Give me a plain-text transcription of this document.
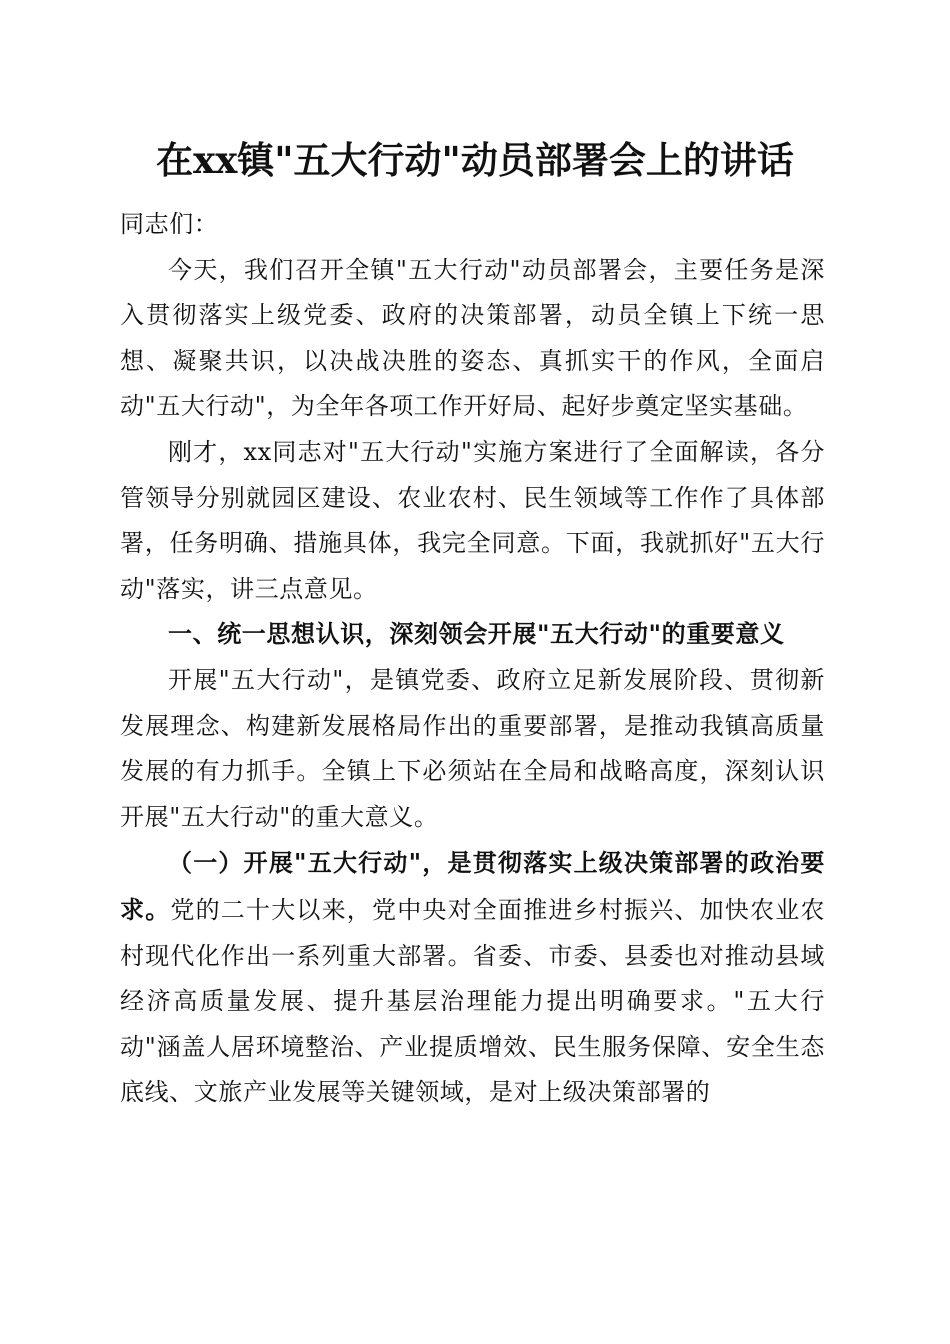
在xx镇"五大行动"动员部署会上的讲话

同志们：

今天，我们召开全镇"五大行动"动员部署会，主要任务是深入贯彻落实上级党委、政府的决策部署，动员全镇上下统一思想、凝聚共识，以决战决胜的姿态、真抓实干的作风，全面启动"五大行动"，为全年各项工作开好局、起好步奠定坚实基础。

刚才，xx同志对"五大行动"实施方案进行了全面解读，各分管领导分别就园区建设、农业农村、民生领域等工作作了具体部署，任务明确、措施具体，我完全同意。下面，我就抓好"五大行动"落实，讲三点意见。

一、统一思想认识，深刻领会开展"五大行动"的重要意义

开展"五大行动"，是镇党委、政府立足新发展阶段、贯彻新发展理念、构建新发展格局作出的重要部署，是推动我镇高质量发展的有力抓手。全镇上下必须站在全局和战略高度，深刻认识开展"五大行动"的重大意义。

（一）开展"五大行动"，是贯彻落实上级决策部署的政治要求。党的二十大以来，党中央对全面推进乡村振兴、加快农业农村现代化作出一系列重大部署。省委、市委、县委也对推动县域经济高质量发展、提升基层治理能力提出明确要求。"五大行动"涵盖人居环境整治、产业提质增效、民生服务保障、安全生态底线、文旅产业发展等关键领域，是对上级决策部署的
